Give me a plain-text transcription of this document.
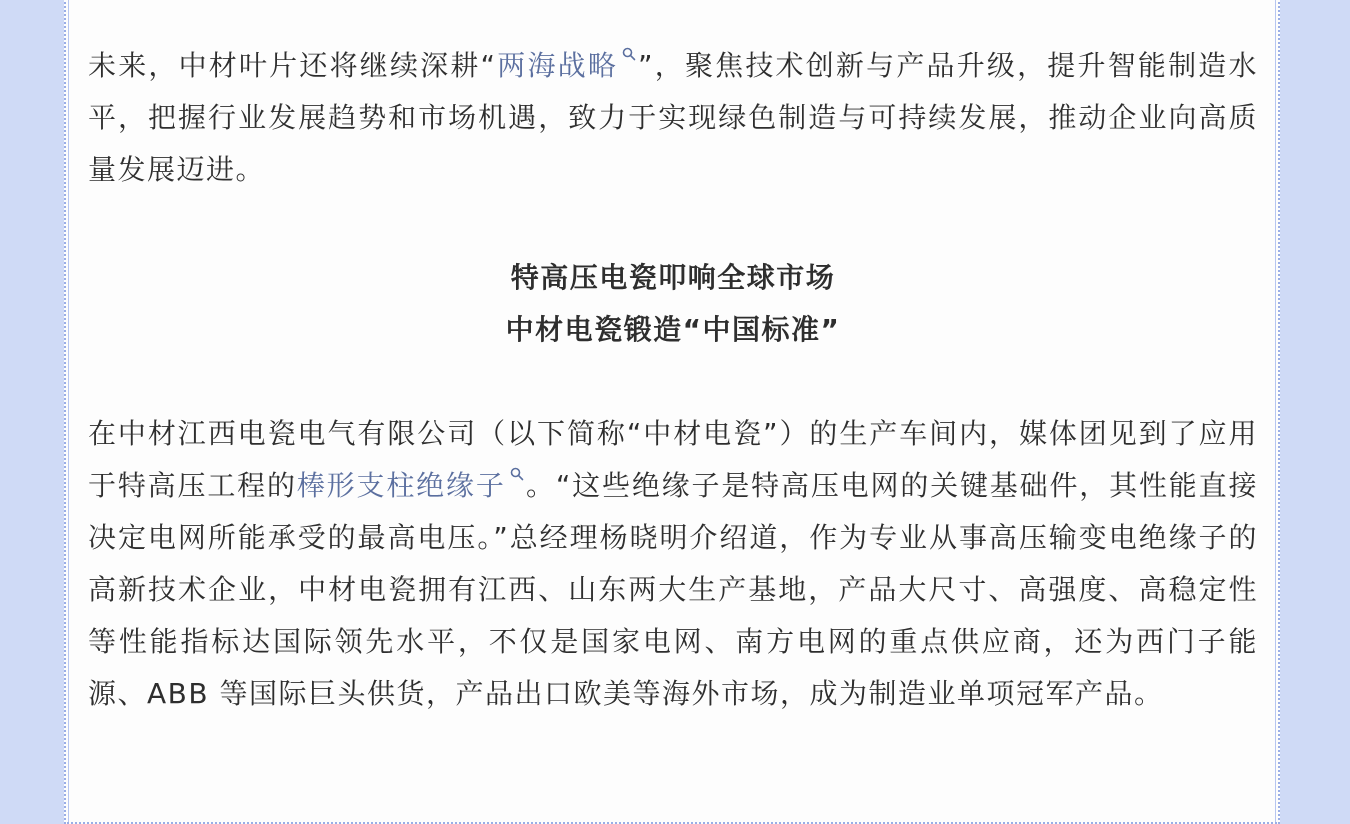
未来，中材叶片还将继续深耕“两海战略 ”，聚焦技术创新与产品升级，提升智能制造水平，把握行业发展趋势和市场机遇，致力于实现绿色制造与可持续发展，推动企业向高质量发展迈进。

特高压电瓷叩响全球市场
中材电瓷锻造“中国标准”

在中材江西电瓷电气有限公司（以下简称“中材电瓷”）的生产车间内，媒体团见到了应用于特高压工程的棒形支柱绝缘子 。“这些绝缘子是特高压电网的关键基础件，其性能直接决定电网所能承受的最高电压。”总经理杨晓明介绍道，作为专业从事高压输变电绝缘子的高新技术企业，中材电瓷拥有江西、山东两大生产基地，产品大尺寸、高强度、高稳定性等性能指标达国际领先水平，不仅是国家电网、南方电网的重点供应商，还为西门子能源、ABB 等国际巨头供货，产品出口欧美等海外市场，成为制造业单项冠军产品。
